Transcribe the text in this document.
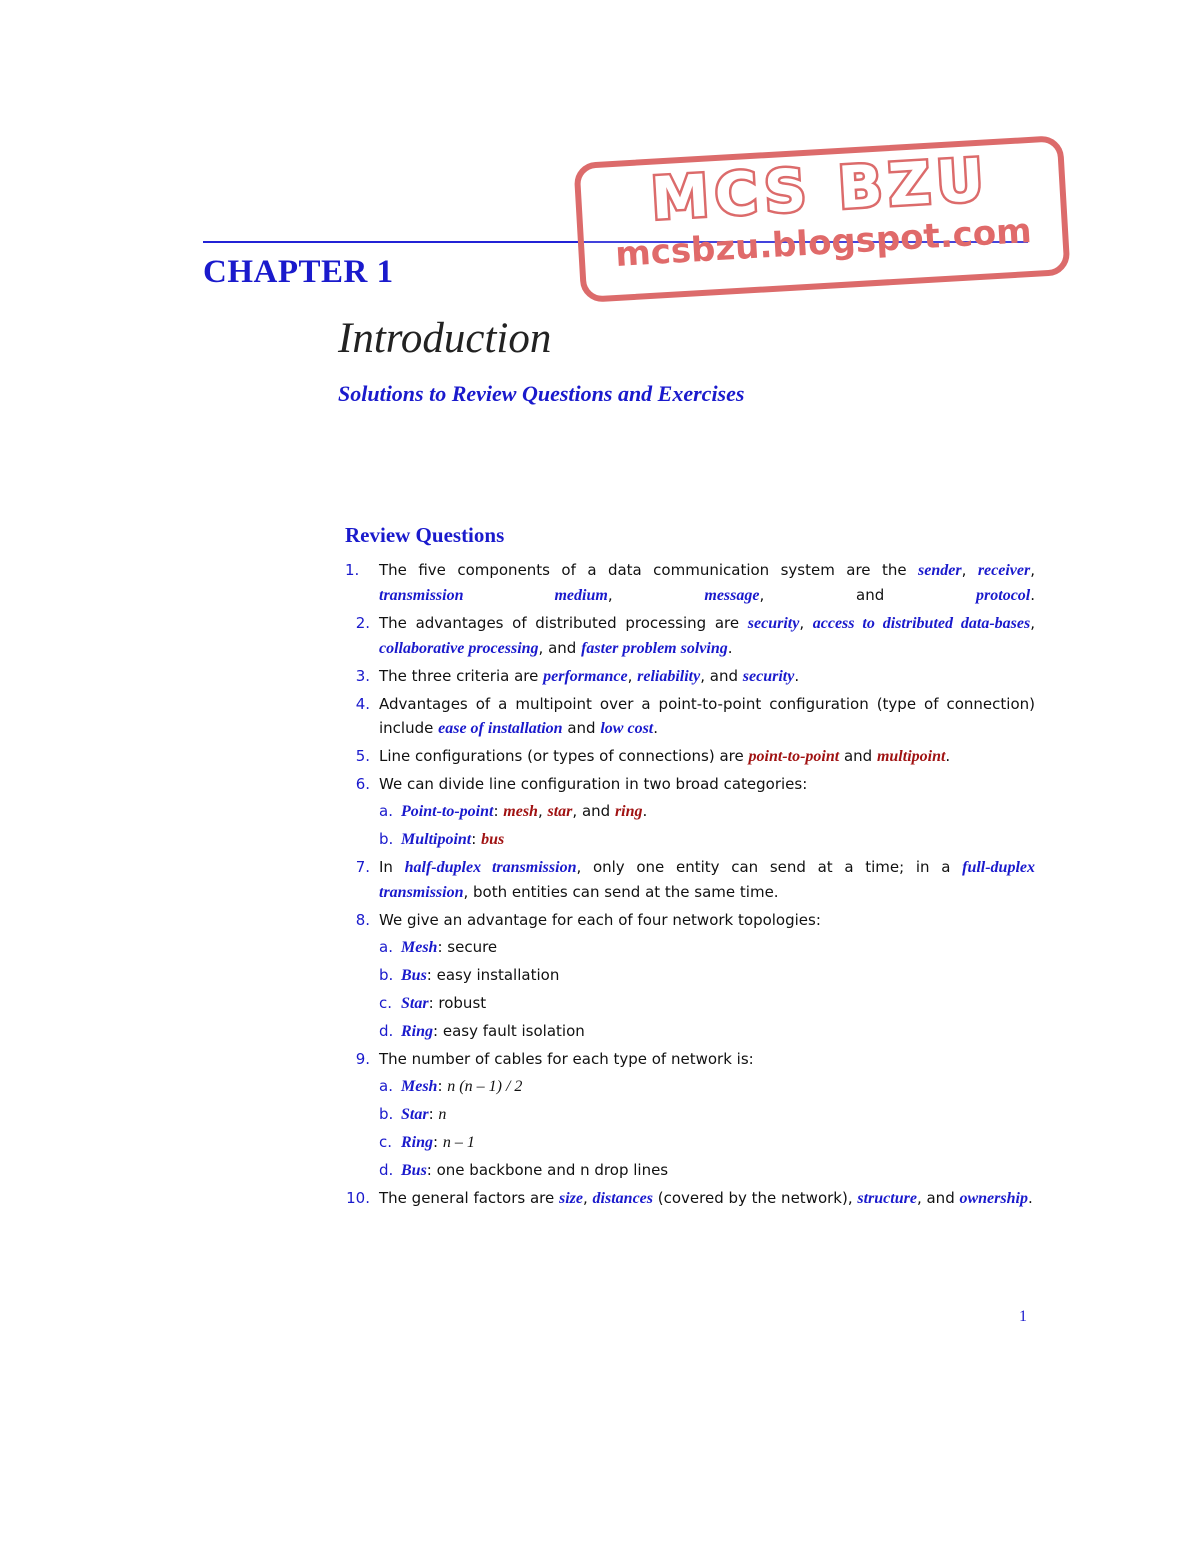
CHAPTER 1
MCS BZU
mcsbzu.blogspot.com
Introduction
Solutions to Review Questions and Exercises
Review Questions
1.	The five components of a data communication system are the sender, receiver, transmission medium, message, and protocol.
2. The advantages of distributed processing are security, access to distributed data-bases, collaborative processing, and faster problem solving.
3. The three criteria are performance, reliability, and security.
4. Advantages of a multipoint over a point-to-point configuration (type of connection) include ease of installation and low cost.
5. Line configurations (or types of connections) are point-to-point and multipoint.
6. We can divide line configuration in two broad categories:
a. Point-to-point: mesh, star, and ring.
b. Multipoint: bus
7. In half-duplex transmission, only one entity can send at a time; in a full-duplex transmission, both entities can send at the same time.
8. We give an advantage for each of four network topologies:
a. Mesh: secure
b. Bus: easy installation
c. Star: robust
d. Ring: easy fault isolation
9. The number of cables for each type of network is:
a. Mesh: n (n – 1) / 2
b. Star: n
c. Ring: n – 1
d. Bus: one backbone and n drop lines
10. The general factors are size, distances (covered by the network), structure, and ownership.
1
